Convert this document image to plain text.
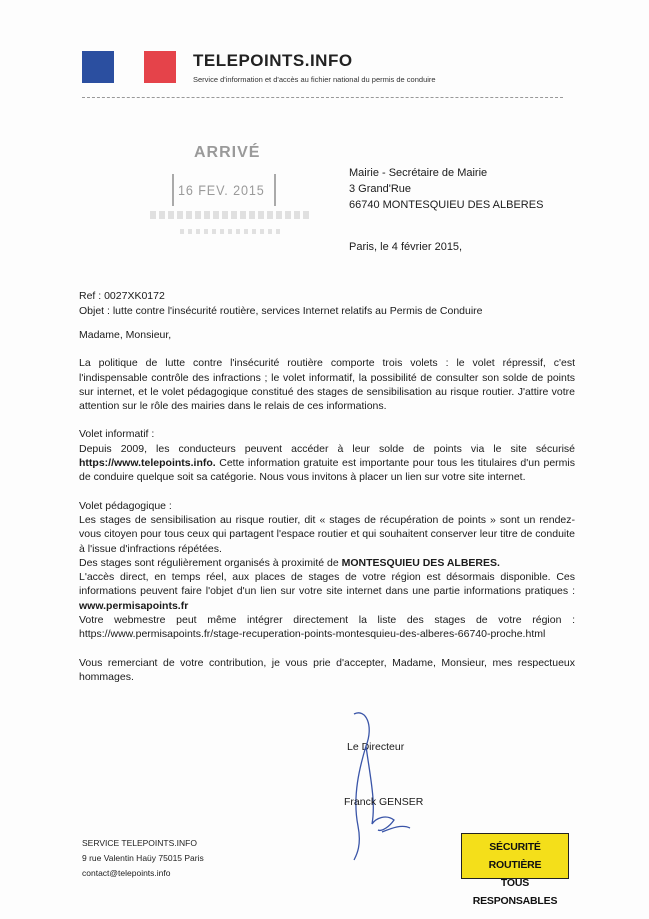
TELEPOINTS.INFO
Service d'information et d'accès au fichier national du permis de conduire
ARRIVÉ
16 FEV. 2015
Mairie - Secrétaire de Mairie
3 Grand'Rue
66740 MONTESQUIEU DES ALBERES
Paris, le 4 février 2015,
Ref : 0027XK0172
Objet : lutte contre l'insécurité routière, services Internet relatifs au Permis de Conduire

Madame, Monsieur,

La politique de lutte contre l'insécurité routière comporte trois volets : le volet répressif, c'est l'indispensable contrôle des infractions ; le volet informatif, la possibilité de consulter son solde de points sur internet, et le volet pédagogique constitué des stages de sensibilisation au risque routier. J'attire votre attention sur le rôle des mairies dans le relais de ces informations.

Volet informatif :
Depuis 2009, les conducteurs peuvent accéder à leur solde de points via le site sécurisé https://www.telepoints.info. Cette information gratuite est importante pour tous les titulaires d'un permis de conduire quelque soit sa catégorie. Nous vous invitons à placer un lien sur votre site internet.

Volet pédagogique :
Les stages de sensibilisation au risque routier, dit « stages de récupération de points » sont un rendez-vous citoyen pour tous ceux qui partagent l'espace routier et qui souhaitent conserver leur titre de conduite à l'issue d'infractions répétées.
Des stages sont régulièrement organisés à proximité de MONTESQUIEU DES ALBERES.
L'accès direct, en temps réel, aux places de stages de votre région est désormais disponible. Ces informations peuvent faire l'objet d'un lien sur votre site internet dans une partie informations pratiques : www.permisapoints.fr
Votre webmestre peut même intégrer directement la liste des stages de votre région : https://www.permisapoints.fr/stage-recuperation-points-montesquieu-des-alberes-66740-proche.html

Vous remerciant de votre contribution, je vous prie d'accepter, Madame, Monsieur, mes respectueux hommages.

Le Directeur
Franck GENSER
SERVICE TELEPOINTS.INFO
9 rue Valentin Haüy 75015 Paris
contact@telepoints.info
SÉCURITÉ ROUTIÈRE
TOUS RESPONSABLES
